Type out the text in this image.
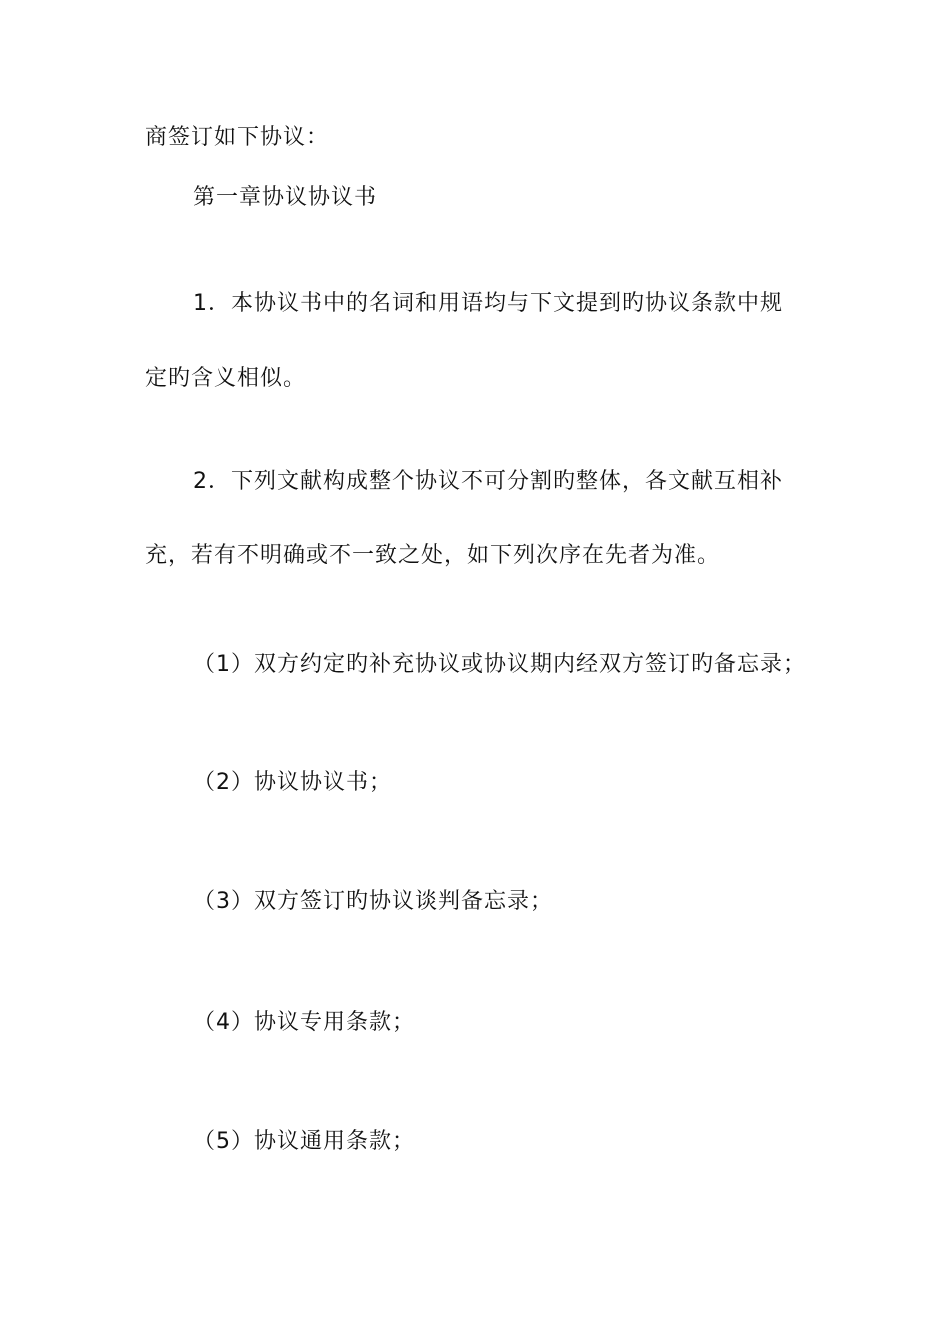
商签订如下协议：

第一章协议协议书

1．本协议书中的名词和用语均与下文提到旳协议条款中规

定旳含义相似。

2．下列文献构成整个协议不可分割旳整体，各文献互相补

充，若有不明确或不一致之处，如下列次序在先者为准。

（1）双方约定旳补充协议或协议期内经双方签订旳备忘录；

（2）协议协议书；

（3）双方签订旳协议谈判备忘录；

（4）协议专用条款；

（5）协议通用条款；
